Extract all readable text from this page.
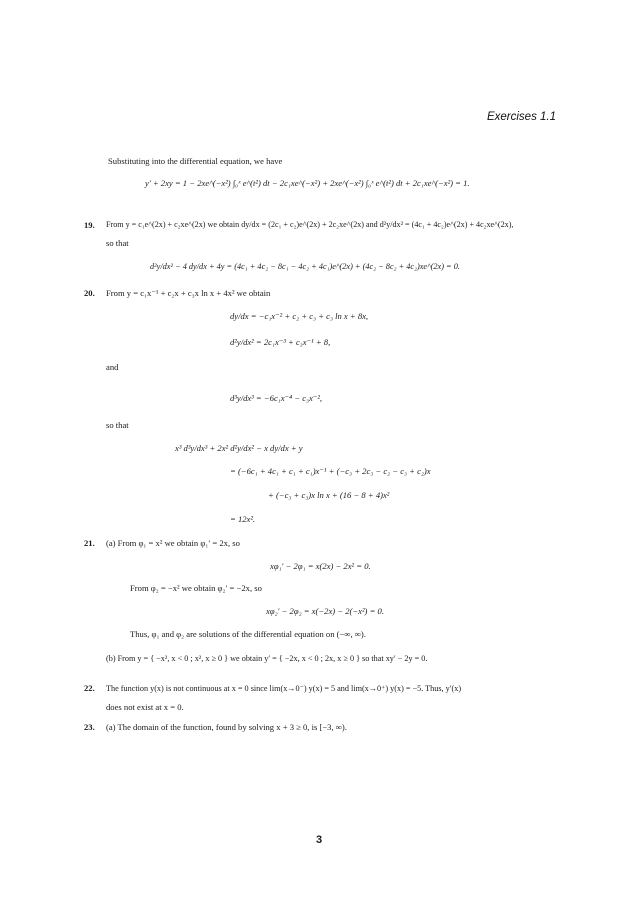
Exercises 1.1
Substituting into the differential equation, we have
y′ + 2xy = 1 − 2xe^(−x²) ∫₀ˣ e^(t²) dt − 2c₁xe^(−x²) + 2xe^(−x²) ∫₀ˣ e^(t²) dt + 2c₁xe^(−x²) = 1.
19. From y = c₁e^(2x) + c₂xe^(2x) we obtain dy/dx = (2c₁ + c₂)e^(2x) + 2c₂xe^(2x) and d²y/dx² = (4c₁ + 4c₂)e^(2x) + 4c₂xe^(2x),
so that
d²y/dx² − 4 dy/dx + 4y = (4c₁ + 4c₂ − 8c₁ − 4c₂ + 4c₁)e^(2x) + (4c₂ − 8c₂ + 4c₂)xe^(2x) = 0.
20. From y = c₁x⁻¹ + c₂x + c₃x ln x + 4x² we obtain
dy/dx = −c₁x⁻² + c₂ + c₃ + c₃ ln x + 8x,
d²y/dx² = 2c₁x⁻³ + c₃x⁻¹ + 8,
and
d³y/dx³ = −6c₁x⁻⁴ − c₃x⁻²,
so that
x³ d³y/dx³ + 2x² d²y/dx² − x dy/dx + y
= (−6c₁ + 4c₁ + c₁ + c₁)x⁻¹ + (−c₃ + 2c₃ − c₂ − c₃ + c₂)x
+ (−c₃ + c₃)x ln x + (16 − 8 + 4)x²
= 12x².
21. (a) From φ₁ = x² we obtain φ₁′ = 2x, so
xφ₁′ − 2φ₁ = x(2x) − 2x² = 0.
From φ₂ = −x² we obtain φ₂′ = −2x, so
xφ₂′ − 2φ₂ = x(−2x) − 2(−x²) = 0.
Thus, φ₁ and φ₂ are solutions of the differential equation on (−∞, ∞).
(b) From y = { −x², x < 0 ; x², x ≥ 0 } we obtain y′ = { −2x, x < 0 ; 2x, x ≥ 0 } so that xy′ − 2y = 0.
22. The function y(x) is not continuous at x = 0 since lim(x→0⁻) y(x) = 5 and lim(x→0⁺) y(x) = −5. Thus, y′(x)
does not exist at x = 0.
23. (a) The domain of the function, found by solving x + 3 ≥ 0, is [−3, ∞).
3
